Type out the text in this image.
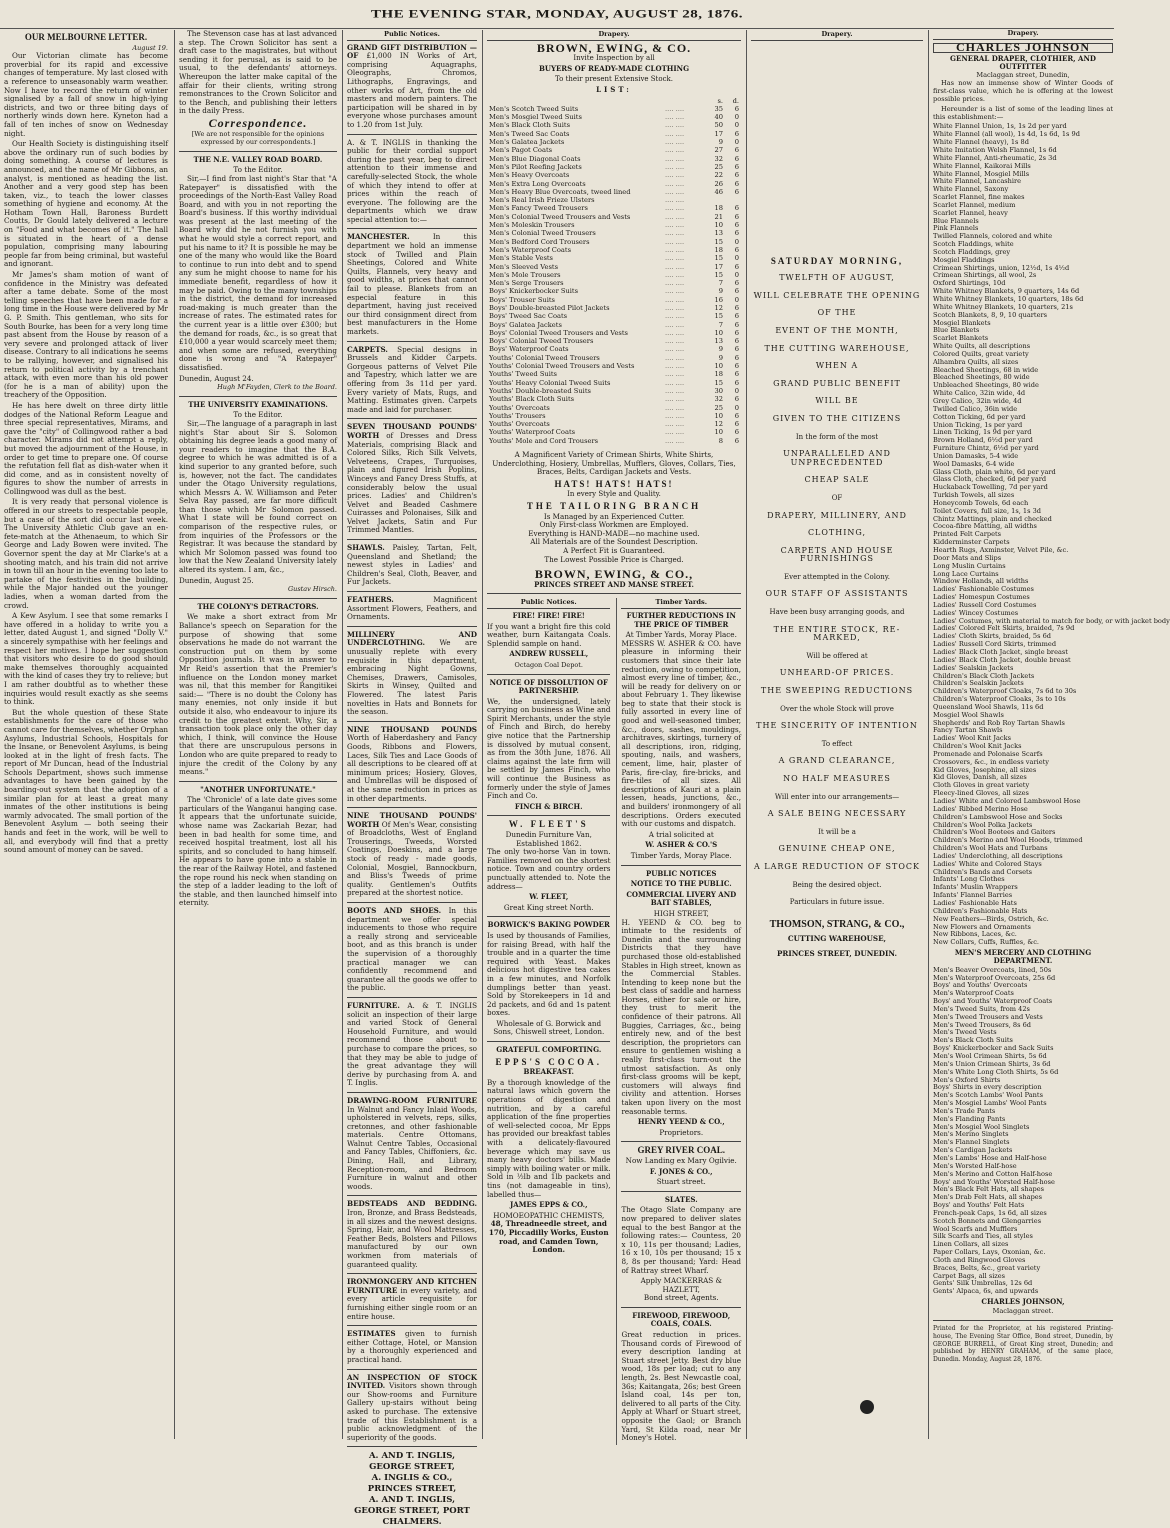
THE EVENING STAR, MONDAY, AUGUST 28, 1876.
OUR MELBOURNE LETTER.
August 19.

Our Victorian climate has become proverbial for its rapid and excessive changes of temperature. My last closed with a reference to unseasonably warm weather. Now I have to record the return of winter signalised by a fall of snow in high-lying districts, and two or three biting days of northerly winds down here. Kyneton had a fall of ten inches of snow on Wednesday night.

Our Health Society is distinguishing itself above the ordinary run of such bodies by doing something. A course of lectures is announced, and the name of Mr Gibbons, an analyst, is mentioned as heading the list. Another and a very good step has been taken, viz., to teach the lower classes something of hygiene and economy. At the Hotham Town Hall, Baroness Burdett Coutts, Dr Gould lately delivered a lecture on "Food and what becomes of it." The hall is situated in the heart of a dense population, comprising many labouring people far from being criminal, but wasteful and ignorant.

Mr James's sham motion of want of confidence in the Ministry was defeated after a tame debate. Some of the most telling speeches that have been made for a long time in the House were delivered by Mr G. P. Smith. This gentleman, who sits for South Bourke, has been for a very long time past absent from the House by reason of a very severe and prolonged attack of liver disease. Contrary to all indications he seems to be rallying, however, and signalised his return to political activity by a trenchant attack, with even more than his old power (for he is a man of ability) upon the treachery of the Opposition.

He has here dwelt on three dirty little dodges of the National Reform League and three special representatives, Mirams, and gave the "city" of Collingwood rather a bad character. Mirams did not attempt a reply, but moved the adjournment of the House, in order to get time to prepare one. Of course the refutation fell flat as dish-water when it did come, and as in consistent novelty of figures to show the number of arrests in Collingwood was dull as the best.

It is very ready that personal violence is offered in our streets to respectable people, but a case of the sort did occur last week. The University Athletic Club gave an en-fete-match at the Athenaeum, to which Sir George and Lady Bowen were invited. The Governor spent the day at Mr Clarke's at a shooting match, and his train did not arrive in town till an hour in the evening too late to partake of the festivities in the building, while the Major handed out the younger ladies, when a woman darted from the crowd.

A Kew Asylum. I see that some remarks I have offered in a holiday to write you a letter, dated August 1, and signed "Dolly V." a sincerely sympathise with her feelings and respect her motives. I hope her suggestion that visitors who desire to do good should make themselves thoroughly acquainted with the kind of cases they try to relieve; but I am rather doubtful as to whether these inquiries would result exactly as she seems to think.

But the whole question of these State establishments for the care of those who cannot care for themselves, whether Orphan Asylums, Industrial Schools, Hospitals for the Insane, or Benevolent Asylums, is being looked at in the light of fresh facts. The report of Mr Duncan, head of the Industrial Schools Department, shows such immense advantages to have been gained by the boarding-out system that the adoption of a similar plan for at least a great many inmates of the other institutions is being warmly advocated. The small portion of the Benevolent Asylum — both seeing their hands and feet in the work, will be well to all, and everybody will find that a pretty sound amount of money can be saved.

The Stevenson case has at last advanced a step. The Crown Solicitor has sent a draft case to the magistrates, but without sending it for perusal, as is said to be usual, to the defendants' attorneys. Whereupon the latter make capital of the affair for their clients, writing strong remonstrances to the Crown Solicitor and to the Bench, and publishing their letters in the daily Press.

Correspondence.

[We are not responsible for the opinions expressed by our correspondents.]

THE N.E. VALLEY ROAD BOARD.
To the Editor.

Sir,—I find from last night's Star that "A Ratepayer" is dissatisfied with the proceedings of the North-East Valley Road Board, and with you in not reporting the Board's business. If this worthy individual was present at the last meeting of the Board why did he not furnish you with what he would style a correct report, and put his name to it? It is possible he may be one of the many who would like the Board to continue to run into debt and to spend any sum he might choose to name for his immediate benefit, regardless of how it may be paid. Owing to the many townships in the district, the demand for increased road-making is much greater than the increase of rates. The estimated rates for the current year is a little over £300; but the demand for roads, &c., is so great that £10,000 a year would scarcely meet them; and when some are refused, everything done is wrong and "A Ratepayer" dissatisfied.

Dunedin, August 24.
Hugh M'Fayden, Clerk to the Board.
THE UNIVERSITY EXAMINATIONS.
To the Editor.

Sir,—The language of a paragraph in last night's Star about Sir S. Solomon obtaining his degree leads a good many of your readers to imagine that the B.A. degree to which he was admitted is of a kind superior to any granted before, such is, however, not the fact. The candidates under the Otago University regulations, which Messrs A. W. Williamson and Peter Selva Ray passed, are far more difficult than those which Mr Solomon passed. What I state will be found correct on comparison of the respective rules, or from inquiries of the Professors or the Registrar. It was because the standard by which Mr Solomon passed was found too low that the New Zealand University lately altered its system. I am, &c.,

Dunedin, August 25.
Gustav Hirsch.
THE COLONY'S DETRACTORS.

We make a short extract from Mr Ballance's speech on Separation for the purpose of showing that some observations he made do not warrant the construction put on them by some Opposition journals. It was in answer to Mr Reid's assertion that the Premier's influence on the London money market was nil, that this member for Rangitikei said:— "There is no doubt the Colony has many enemies, not only inside it but outside it also, who endeavour to injure its credit to the greatest extent. Why, Sir, a transaction took place only the other day which, I think, will convince the House that there are unscrupulous persons in London who are quite prepared to ready to injure the credit of the Colony by any means."

"ANOTHER UNFORTUNATE."

The 'Chronicle' of a late date gives some particulars of the Wanganui hanging case. It appears that the unfortunate suicide, whose name was Zackariah Bezar, had been in bad health for some time, and received hospital treatment, lost all his spirits, and so concluded to hang himself. He appears to have gone into a stable in the rear of the Railway Hotel, and fastened the rope round his neck when standing on the step of a ladder leading to the loft of the stable, and then launched himself into eternity.

Public Notices.
GRAND GIFT DISTRIBUTION — OF £1,000 IN Works of Art, comprising Aquagraphs, Oleographs, Chromos, Lithographs, Engravings, and other works of Art, from the old masters and modern painters. The participation will be shared in by everyone whose purchases amount to 1.20 from 1st July.
A. & T. INGLIS in thanking the public for their cordial support during the past year, beg to direct attention to their immense and carefully-selected Stock, the whole of which they intend to offer at prices within the reach of everyone. The following are the departments which we draw special attention to:—
MANCHESTER.	In this department we hold an immense stock of Twilled and Plain Sheetings, Colored and White Quilts, Flannels, very heavy and good widths, at prices that cannot fail to please. Blankets from an especial feature in this department, having just received our third consignment direct from best manufacturers in the Home markets.
CARPETS. Special designs in Brussels and Kidder Carpets. Gorgeous patterns of Velvet Pile and Tapestry, which latter we are offering from 3s 11d per yard. Every variety of Mats, Rugs, and Matting. Estimates given. Carpets made and laid for purchaser.
SEVEN THOUSAND POUNDS' WORTH of Dresses and Dress Materials, comprising Black and Colored Silks, Rich Silk Velvets, Velveteens, Crapes, Turquoises, plain and figured Irish Poplins, Winceys and Fancy Dress Stuffs, at considerably below the usual prices. Ladies' and Children's Velvet and Beaded Cashmere Cuirasses and Polonaises, Silk and Velvet Jackets, Satin and Fur Trimmed Mantles.
SHAWLS. Paisley, Tartan, Felt, Queensland and Shetland; the newest styles in Ladies' and Children's Seal, Cloth, Beaver, and Fur Jackets.
FEATHERS.	Magnificent Assortment Flowers, Feathers, and Ornaments.
MILLINERY AND UNDERCLOTHING. We are unusually replete with every requisite in this department, embracing Night Gowns, Chemises, Drawers, Camisoles, Skirts in Winsey, Quilted and Flowered. The latest Paris novelties in Hats and Bonnets for the season.
NINE THOUSAND POUNDS Worth of Haberdashery and Fancy Goods, Ribbons and Flowers, Laces, Silk Ties and Lace Goods of all descriptions to be cleared off at minimum prices; Hosiery, Gloves, and Umbrellas will be disposed of at the same reduction in prices as in other departments.
NINE THOUSAND POUNDS' WORTH Of Men's Wear, consisting of Broadcloths, West of England Trouserings, Tweeds, Worsted Coatings, Doeskins, and a large stock of ready - made goods, Colonial, Mosgiel, Bannockburn, and Bliss's Tweeds of prime quality. Gentlemen's Outfits prepared at the shortest notice.
BOOTS AND SHOES. In this department we offer special inducements to those who require a really strong and serviceable boot, and as this branch is under the supervision of a thoroughly practical manager we can confidently recommend and guarantee all the goods we offer to the public.
FURNITURE. A. & T. INGLIS solicit an inspection of their large and varied Stock of General Household Furniture, and would recommend those about to purchase to compare the prices, so that they may be able to judge of the great advantage they will derive by purchasing from A. and T. Inglis.
DRAWING-ROOM FURNITURE In Walnut and Fancy Inlaid Woods, upholstered in velvets, reps, silks, cretonnes, and other fashionable materials. Centre Ottomans, Walnut Centre Tables, Occasional and Fancy Tables, Chiffoniers, &c. Dining, Hall, and Library, Reception-room, and Bedroom Furniture in walnut and other woods.
BEDSTEADS AND BEDDING. Iron, Bronze, and Brass Bedsteads, in all sizes and the newest designs. Spring, Hair, and Wool Mattresses, Feather Beds, Bolsters and Pillows manufactured by our own workmen from materials of guaranteed quality.
IRONMONGERY AND KITCHEN FURNITURE in every variety, and every article requisite for furnishing either single room or an entire house.
ESTIMATES given to furnish either Cottage, Hotel, or Mansion by a thoroughly experienced and practical hand.
AN INSPECTION OF STOCK INVITED. Visitors shown through our Show-rooms and Furniture Gallery up-stairs without being asked to purchase. The extensive trade of this Establishment is a public acknowledgment of the superiority of the goods.
A. AND T. INGLIS,
GEORGE STREET,
A. INGLIS & CO.,
PRINCES STREET,
A. AND T. INGLIS,
GEORGE STREET, PORT CHALMERS.
Drapery.
BROWN, EWING, & CO.
Invite Inspection by all
BUYERS OF READY-MADE CLOTHING
To their present Extensive Stock.
LIST:
		s.	d.
Men's Scotch Tweed Suits	.... ....	35	6
Men's Mosgiel Tweed Suits	.... ....	40	0
Men's Black Cloth Suits	.... ....	50	0
Men's Tweed Sac Coats	.... ....	17	6
Men's Galatea Jackets	.... ....	9	0
Men's Pagot Coats	.... ....	27	6
Men's Blue Diagonal Coats	.... ....	32	6
Men's Pilot Reefing Jackets	.... ....	25	6
Men's Heavy Overcoats	.... ....	22	6
Men's Extra Long Overcoats	.... ....	26	6
Men's Heavy Blue Overcoats, tweed lined	.... ....	46	6
Men's Real Irish Frieze Ulsters	.... ....		
Men's Fancy Tweed Trousers	.... ....	18	6
Men's Colonial Tweed Trousers and Vests	.... ....	21	6
Men's Moleskin Trousers	.... ....	10	6
Men's Colonial Tweed Trousers	.... ....	13	6
Men's Bedford Cord Trousers	.... ....	15	0
Men's Waterproof Coats	.... ....	18	6
Men's Stable Vests	.... ....	15	0
Men's Sleeved Vests	.... ....	17	6
Men's Mole Trousers	.... ....	15	0
Men's Serge Trousers	.... ....	7	6
Boys' Knickerbocker Suits	.... ....	9	6
Boys' Trouser Suits	.... ....	16	0
Boys' Double-breasted Pilot Jackets	.... ....	12	6
Boys' Tweed Sac Coats	.... ....	15	6
Boys' Galatea Jackets	.... ....	7	6
Boys' Colonial Tweed Trousers and Vests	.... ....	10	6
Boys' Colonial Tweed Trousers	.... ....	13	6
Boys' Waterproof Coats	.... ....	9	6
Youths' Colonial Tweed Trousers	.... ....	9	6
Youths' Colonial Tweed Trousers and Vests	.... ....	10	6
Youths' Tweed Suits	.... ....	18	6
Youths' Heavy Colonial Tweed Suits	.... ....	15	6
Youths' Double-breasted Suits	.... ....	30	0
Youths' Black Cloth Suits	.... ....	32	6
Youths' Overcoats	.... ....	25	0
Youths' Trousers	.... ....	10	6
Youths' Overcoats	.... ....	12	6
Youths' Waterproof Coats	.... ....	10	6
Youths' Mole and Cord Trousers	.... ....	8	6

A Magnificent Variety of Crimean Shirts, White Shirts, Underclothing, Hosiery, Umbrellas, Mufflers, Gloves, Collars, Ties, Braces, Belts, Cardigan Jackets and Vests.

HATS! HATS! HATS!
In every Style and Quality.
THE TAILORING BRANCH
Is Managed by an Experienced Cutter.
Only First-class Workmen are Employed.
Everything is HAND-MADE—no machine used.
All Materials are of the Soundest Description.
A Perfect Fit is Guaranteed.
The Lowest Possible Price is Charged.
BROWN, EWING, & CO.,
PRINCES STREET AND MANSE STREET.
Public Notices.
FIRE! FIRE! FIRE!

If you want a bright fire this cold weather, burn Kaitangata Coals. Splendid sample on hand.

ANDREW RUSSELL,
Octagon Coal Depot.
NOTICE OF DISSOLUTION OF PARTNERSHIP.

We, the undersigned, lately carrying on business as Wine and Spirit Merchants, under the style of Finch and Birch, do hereby give notice that the Partnership is dissolved by mutual consent, as from the 30th June, 1876. All claims against the late firm will be settled by James Finch, who will continue the Business as formerly under the style of James Finch and Co.

FINCH & BIRCH.
W. FLEET'S
Dunedin Furniture Van, Established 1862.

The only two-horse Van in town. Families removed on the shortest notice. Town and country orders punctually attended to. Note the address—

W. FLEET,
Great King street North.
BORWICK'S BAKING POWDER

Is used by thousands of Families, for raising Bread, with half the trouble and in a quarter the time required with Yeast. Makes delicious hot digestive tea cakes in a few minutes, and Norfolk dumplings better than yeast. Sold by Storekeepers in 1d and 2d packets, and 6d and 1s patent boxes.

Wholesale of G. Borwick and Sons, Chiswell street, London.

GRATEFUL COMFORTING.
EPPS'S COCOA.
BREAKFAST.

By a thorough knowledge of the natural laws which govern the operations of digestion and nutrition, and by a careful application of the fine properties of well-selected cocoa, Mr Epps has provided our breakfast tables with a delicately-flavoured beverage which may save us many heavy doctors' bills. Made simply with boiling water or milk. Sold in ½lb and 1lb packets and tins (not damageable in tins), labelled thus—

JAMES EPPS & CO.,
HOMOEOPATHIC CHEMISTS,
48, Threadneedle street, and 170, Piccadilly Works, Euston road, and Camden Town, London.
Timber Yards.
FURTHER REDUCTIONS IN THE PRICE OF TIMBER
At Timber Yards, Moray Place.

MESSRS W. ASHER & CO. have pleasure in informing their customers that since their late reduction, owing to competition, almost every line of timber, &c., will be ready for delivery on or about February 1. They likewise beg to state that their stock is fully assorted in every line of good and well-seasoned timber, &c., doors, sashes, mouldings, architraves, skirtings, turnery of all descriptions, iron, ridging, spouting, nails, and washers, cement, lime, hair, plaster of Paris, fire-clay, fire-bricks, and fire-tiles of all sizes. All descriptions of Kauri at a plain lessen, heads, junctions, &c., and builders' ironmongery of all descriptions. Orders executed with our customs and dispatch.

A trial solicited at
W. ASHER & CO.'S
Timber Yards, Moray Place.
PUBLIC NOTICES
NOTICE TO THE PUBLIC.
COMMERCIAL LIVERY AND BAIT STABLES,
HIGH STREET,

H. YEEND & CO. beg to intimate to the residents of Dunedin and the surrounding Districts that they have purchased those old-established Stables in High street, known as the Commercial Stables. Intending to keep none but the best class of saddle and harness Horses, either for sale or hire, they trust to merit the confidence of their patrons. All Buggies, Carriages, &c., being entirely new, and of the best description, the proprietors can ensure to gentlemen wishing a really first-class turn-out the utmost satisfaction. As only first-class grooms will be kept, customers will always find civility and attention. Horses taken upon livery on the most reasonable terms.

HENRY YEEND & CO.,
Proprietors.
GREY RIVER COAL.
Now Landing ex Mary Ogilvie.
F. JONES & CO.,
Stuart street.
SLATES.

The Otago Slate Company are now prepared to deliver slates equal to the best Bangor at the following rates:— Countess, 20 x 10, 11s per thousand; Ladies, 16 x 10, 10s per thousand; 15 x 8, 8s per thousand; Yard: Head of Rattray street Wharf.

Apply MACKERRAS & HAZLETT,
Bond street, Agents.
FIREWOOD, FIREWOOD, COALS, COALS.

Great reduction in prices. Thousand cords of Firewood of every description landing at Stuart street Jetty. Best dry blue wood, 18s per load; cut to any length, 2s. Best Newcastle coal, 36s; Kaitangata, 26s; best Green Island coal, 14s per ton, delivered to all parts of the City. Apply at Wharf or Stuart street, opposite the Gaol; or Branch Yard, St Kilda road, near Mr Money's Hotel.

Drapery.
SATURDAY MORNING,
TWELFTH OF AUGUST,
WILL CELEBRATE THE OPENING
OF THE
EVENT OF THE MONTH,
THE CUTTING WAREHOUSE,
WHEN A
GRAND PUBLIC BENEFIT
WILL BE
GIVEN TO THE CITIZENS
In the form of the most
UNPARALLELED AND UNPRECEDENTED
CHEAP SALE
OF
DRAPERY, MILLINERY, AND
CLOTHING,
CARPETS AND HOUSE FURNISHINGS
Ever attempted in the Colony.
OUR STAFF OF ASSISTANTS
Have been busy arranging goods, and
THE ENTIRE STOCK, RE-MARKED,
Will be offered at
UNHEARD-OF PRICES.
THE SWEEPING REDUCTIONS
Over the whole Stock will prove
THE SINCERITY OF INTENTION
To effect
A GRAND CLEARANCE,
NO HALF MEASURES
Will enter into our arrangements—
A SALE BEING NECESSARY
It will be a
GENUINE CHEAP ONE,
A LARGE REDUCTION OF STOCK
Being the desired object.
Particulars in future issue.
THOMSON, STRANG, & CO.,
CUTTING WAREHOUSE,
PRINCES STREET, DUNEDIN.
Drapery.
CHARLES JOHNSON
GENERAL DRAPER, CLOTHIER, AND OUTFITTER
Maclaggan street, Dunedin,

Has now an immense show of Winter Goods of first-class value, which he is offering at the lowest possible prices.

Hereunder is a list of some of the leading lines at this establishment:—

White Flannel Union, 1s, 1s 2d per yard
White Flannel (all wool), 1s 4d, 1s 6d, 1s 9d
White Flannel (heavy), 1s 8d
White Imitation Welsh Flannel, 1s 6d
White Flannel, Anti-rheumatic, 2s 3d
White Flannel, Kaikorai Mills
White Flannel, Mosgiel Mills
White Flannel, Lancashire
White Flannel, Saxony
Scarlet Flannel, fine makes
Scarlet Flannel, medium
Scarlet Flannel, heavy
Blue Flannels
Pink Flannels
Twilled Flannels, colored and white
Scotch Fladdings, white
Scotch Fladdings, grey
Mosgiel Fladdings
Crimean Shirtings, union, 12½d, 1s 4½d
Crimean Shirtings, all wool, 2s
Oxford Shirtings, 10d
White Whitney Blankets, 9 quarters, 14s 6d
White Whitney Blankets, 10 quarters, 18s 6d
White Whitney Blankets, 10 quarters, 21s
Scotch Blankets, 8, 9, 10 quarters
Mosgiel Blankets
Blue Blankets
Scarlet Blankets
White Quilts, all descriptions
Colored Quilts, great variety
Alhambra Quilts, all sizes
Bleached Sheetings, 68 in wide
Bleached Sheetings, 80 wide
Unbleached Sheetings, 80 wide
White Calico, 32in wide, 4d
Grey Calico, 32in wide, 4d
Twilled Calico, 36in wide
Cotton Ticking, 6d per yard
Union Ticking, 1s per yard
Linen Ticking, 1s 9d per yard
Brown Holland, 6½d per yard
Furniture Chintz, 6½d per yard
Union Damasks, 5-4 wide
Wool Damasks, 6-4 wide
Glass Cloth, plain white, 6d per yard
Glass Cloth, checked, 6d per yard
Huckaback Towelling, 7d per yard
Turkish Towels, all sizes
Honeycomb Towels, 6d each
Toilet Covers, full size, 1s, 1s 3d
Chintz Mattings, plain and checked
Cocoa-fibre Matting, all widths
Printed Felt Carpets
Kidderminster Carpets
Hearth Rugs, Axminster, Velvet Pile, &c.
Door Mats and Slips
Long Muslin Curtains
Long Lace Curtains
Window Hollands, all widths
Ladies' Fashionable Costumes
Ladies' Homespun Costumes
Ladies' Russell Cord Costumes
Ladies' Wincey Costumes
Ladies' Costumes, with material to match for body, or with jacket body
Ladies' Colored Felt Skirts, braided, 7s 9d
Ladies' Cloth Skirts, braided, 5s 6d
Ladies' Russell Cord Skirts, trimmed
Ladies' Black Cloth Jacket, single breast
Ladies' Black Cloth Jacket, double breast
Ladies' Sealskin Jackets
Children's Black Cloth Jackets
Children's Sealskin Jackets
Children's Waterproof Cloaks, 7s 6d to 30s
Children's Waterproof Cloaks, 3s to 10s
Queensland Wool Shawls, 11s 6d
Mosgiel Wool Shawls
Shepherds' and Rob Roy Tartan Shawls
Fancy Tartan Shawls
Ladies' Wool Knit Jacks
Children's Wool Knit Jacks
Promenade and Polonaise Scarfs
Crossovers, &c., in endless variety
Kid Gloves, Josephine, all sizes
Kid Gloves, Danish, all sizes
Cloth Gloves in great variety
Fleecy-lined Gloves, all sizes
Ladies' White and Colored Lambswool Hose
Ladies' Ribbed Merino Hose
Children's Lambswool Hose and Socks
Children's Wool Polka Jackets
Children's Wool Bootees and Gaiters
Children's Merino and Wool Hoods, trimmed
Children's Wool Hats and Turbans
Ladies' Underclothing, all descriptions
Ladies' White and Colored Stays
Children's Bands and Corsets
Infants' Long Clothes
Infants' Muslin Wrappers
Infants' Flannel Barries
Ladies' Fashionable Hats
Children's Fashionable Hats
New Feathers—Birds, Ostrich, &c.
New Flowers and Ornaments
New Ribbons, Laces, &c.
New Collars, Cuffs, Ruffles, &c.
MEN'S MERCERY AND CLOTHING DEPARTMENT.
Men's Beaver Overcoats, lined, 50s
Men's Waterproof Overcoats, 25s 6d
Boys' and Youths' Overcoats
Men's Waterproof Coats
Boys' and Youths' Waterproof Coats
Men's Tweed Suits, from 42s
Men's Tweed Trousers and Vests
Men's Tweed Trousers, 8s 6d
Men's Tweed Vests
Men's Black Cloth Suits
Boys' Knickerbocker and Sack Suits
Men's Wool Crimean Shirts, 5s 6d
Men's Union Crimean Shirts, 3s 6d
Men's White Long Cloth Shirts, 5s 6d
Men's Oxford Shirts
Boys' Shirts in every description
Men's Scotch Lambs' Wool Pants
Men's Mosgiel Lambs' Wool Pants
Men's Trade Pants
Men's Flanding Pants
Men's Mosgiel Wool Singlets
Men's Merino Singlets
Men's Flannel Singlets
Men's Cardigan Jackets
Men's Lambs' Hose and Half-hose
Men's Worsted Half-hose
Men's Merino and Cotton Half-hose
Boys' and Youths' Worsted Half-hose
Men's Black Felt Hats, all shapes
Men's Drab Felt Hats, all shapes
Boys' and Youths' Felt Hats
French-peak Caps, 1s 6d, all sizes
Scotch Bonnets and Glengarries
Wool Scarfs and Mufflers
Silk Scarfs and Ties, all styles
Linen Collars, all sizes
Paper Collars, Lays, Oxonian, &c.
Cloth and Ringwood Gloves
Braces, Belts, &c., great variety
Carpet Bags, all sizes
Gents' Silk Umbrellas, 12s 6d
Gents' Alpaca, 6s, and upwards
CHARLES JOHNSON,
Maclaggan street.

Printed for the Proprietor, at his registered Printing-house, The Evening Star Office, Bond street, Dunedin, by GEORGE BURRELL, of Great King street, Dunedin; and published by HENRY GRAHAM, of the same place, Dunedin. Monday, August 28, 1876.
